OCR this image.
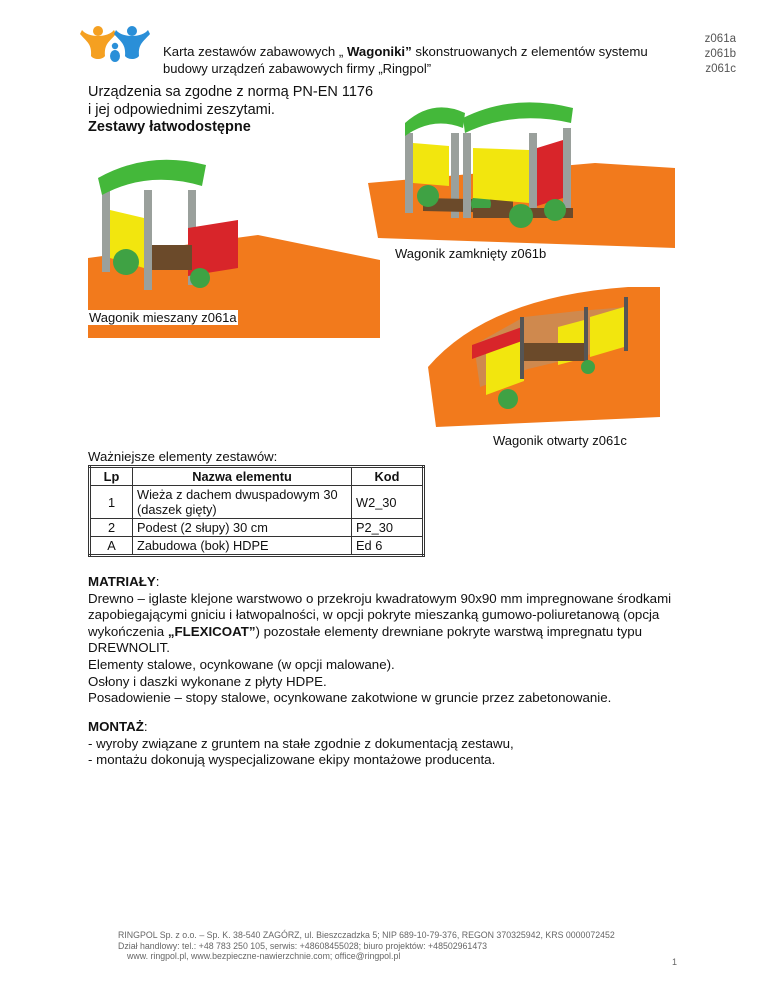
Karta zestawów zabawowych „ Wagoniki” skonstruowanych z elementów systemu
budowy urządzeń zabawowych firmy „Ringpol”
z061a
z061b
z061c
Urządzenia sa zgodne z normą PN-EN 1176
i jej odpowiednimi zeszytami.
Zestawy łatwodostępne
Wagonik zamknięty z061b
Wagonik mieszany z061a
Wagonik otwarty z061c
Ważniejsze elementy zestawów:
Lp	Nazwa elementu	Kod
1	Wieża z dachem dwuspadowym 30 (daszek gięty)	W2_30
2	Podest (2 słupy) 30 cm	P2_30
A	Zabudowa (bok) HDPE	Ed 6
MATRIAŁY:
Drewno – iglaste klejone warstwowo o przekroju kwadratowym 90x90 mm impregnowane środkami zapobiegającymi gniciu i łatwopalności, w opcji pokryte mieszanką gumowo-poliuretanową (opcja wykończenia „FLEXICOAT”) pozostałe elementy drewniane pokryte warstwą impregnatu typu DREWNOLIT.
Elementy stalowe, ocynkowane (w opcji malowane).
Osłony i daszki wykonane z płyty HDPE.
Posadowienie – stopy stalowe, ocynkowane zakotwione w gruncie przez zabetonowanie.
MONTAŻ:
- wyroby związane z gruntem na stałe zgodnie z dokumentacją zestawu,
- montażu dokonują wyspecjalizowane ekipy montażowe producenta.
RINGPOL Sp. z o.o. – Sp. K. 38-540 ZAGÓRZ, ul. Bieszczadzka 5; NIP 689-10-79-376, REGON 370325942, KRS 0000072452
Dział handlowy: tel.: +48 783 250 105, serwis: +48608455028; biuro projektów: +48502961473
www. ringpol.pl, www.bezpieczne-nawierzchnie.com; office@ringpol.pl
1
